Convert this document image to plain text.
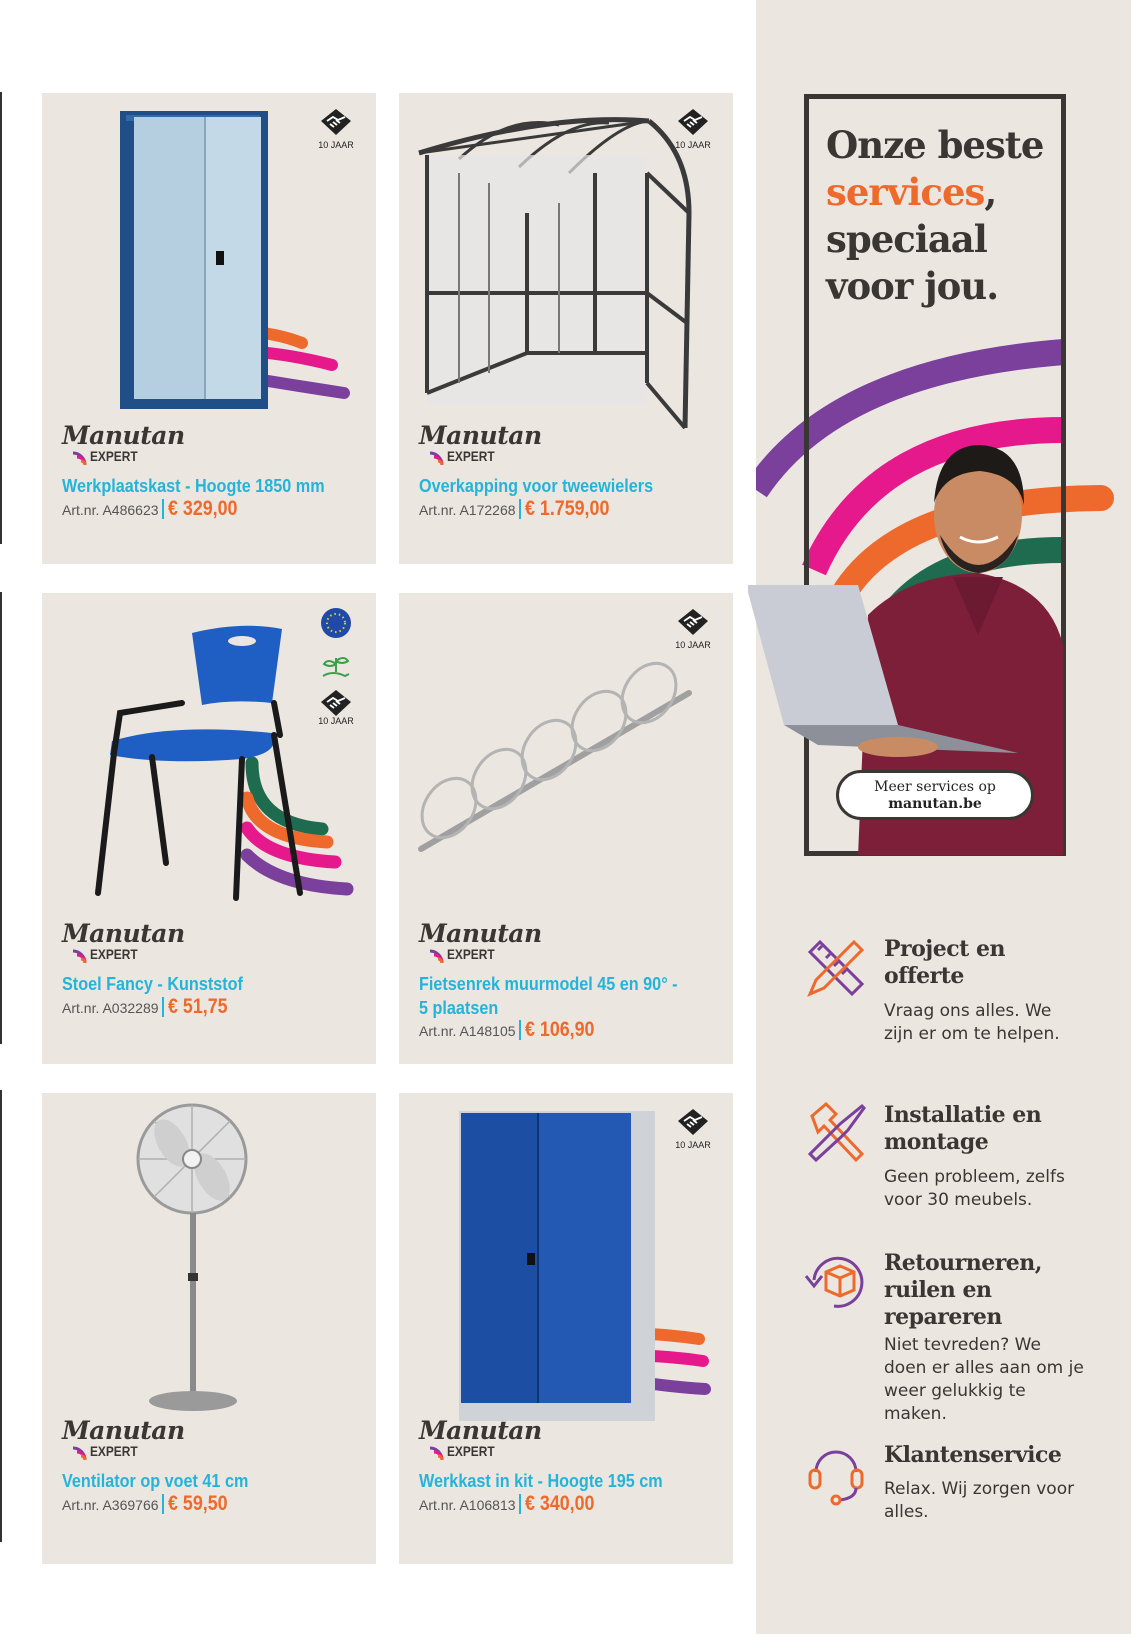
10 JAAR
Manutan
EXPERT
Werkplaatskast - Hoogte 1850 mm
Art.nr. A486623 € 329,00
10 JAAR
Manutan
EXPERT
Overkapping voor tweewielers
Art.nr. A172268 € 1.759,00
10 JAAR
Manutan
EXPERT
Stoel Fancy - Kunststof
Art.nr. A032289 € 51,75
10 JAAR
Manutan
EXPERT
Fietsenrek muurmodel 45 en 90° - 5 plaatsen
Art.nr. A148105 € 106,90
Manutan
EXPERT
Ventilator op voet 41 cm
Art.nr. A369766 € 59,50
10 JAAR
Manutan
EXPERT
Werkkast in kit - Hoogte 195 cm
Art.nr. A106813 € 340,00
Onze beste
services,
speciaal
voor jou.
Meer services op
manutan.be
Project en offerte

Vraag ons alles. We zijn er om te helpen.

Installatie en montage

Geen probleem, zelfs voor 30 meubels.

Retourneren, ruilen en repareren

Niet tevreden? We doen er alles aan om je weer gelukkig te maken.

Klantenservice

Relax. Wij zorgen voor alles.
